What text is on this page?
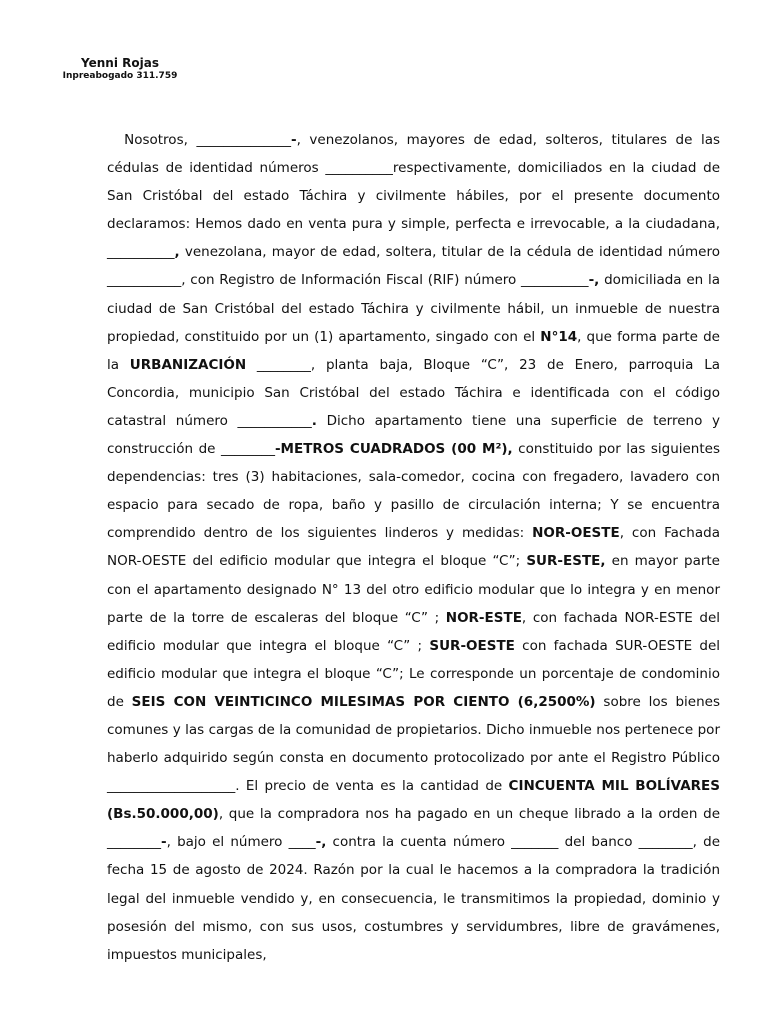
Yenni Rojas
Inpreabogado 311.759

Nosotros, ______________-, venezolanos, mayores de edad, solteros, titulares de las cédulas de identidad números __________respectivamente, domiciliados en la ciudad de San Cristóbal del estado Táchira y civilmente hábiles, por el presente documento declaramos: Hemos dado en venta pura y simple, perfecta e irrevocable, a la ciudadana, __________, venezolana, mayor de edad, soltera, titular de la cédula de identidad número ___________, con Registro de Información Fiscal (RIF) número __________-, domiciliada en la ciudad de San Cristóbal del estado Táchira y civilmente hábil, un inmueble de nuestra propiedad, constituido por un (1) apartamento, singado con el N°14, que forma parte de la URBANIZACIÓN ________, planta baja, Bloque “C”, 23 de Enero, parroquia La Concordia, municipio San Cristóbal del estado Táchira e identificada con el código catastral número ___________. Dicho apartamento tiene una superficie de terreno y construcción de ________-METROS CUADRADOS (00 M²), constituido por las siguientes dependencias: tres (3) habitaciones, sala-comedor, cocina con fregadero, lavadero con espacio para secado de ropa, baño y pasillo de circulación interna; Y se encuentra comprendido dentro de los siguientes linderos y medidas: NOR-OESTE, con Fachada NOR-OESTE del edificio modular que integra el bloque “C”; SUR-ESTE, en mayor parte con el apartamento designado N° 13 del otro edificio modular que lo integra y en menor parte de la torre de escaleras del bloque “C” ; NOR-ESTE, con fachada NOR-ESTE del edificio modular que integra el bloque “C” ; SUR-OESTE con fachada SUR-OESTE del edificio modular que integra el bloque “C”; Le corresponde un porcentaje de condominio de SEIS CON VEINTICINCO MILESIMAS POR CIENTO (6,2500%) sobre los bienes comunes y las cargas de la comunidad de propietarios. Dicho inmueble nos pertenece por haberlo adquirido según consta en documento protocolizado por ante el Registro Público ___________________. El precio de venta es la cantidad de CINCUENTA MIL BOLÍVARES (Bs.50.000,00), que la compradora nos ha pagado en un cheque librado a la orden de ________-, bajo el número ____-, contra la cuenta número _______ del banco ________, de fecha 15 de agosto de 2024. Razón por la cual le hacemos a la compradora la tradición legal del inmueble vendido y, en consecuencia, le transmitimos la propiedad, dominio y posesión del mismo, con sus usos, costumbres y servidumbres, libre de gravámenes, impuestos municipales,
